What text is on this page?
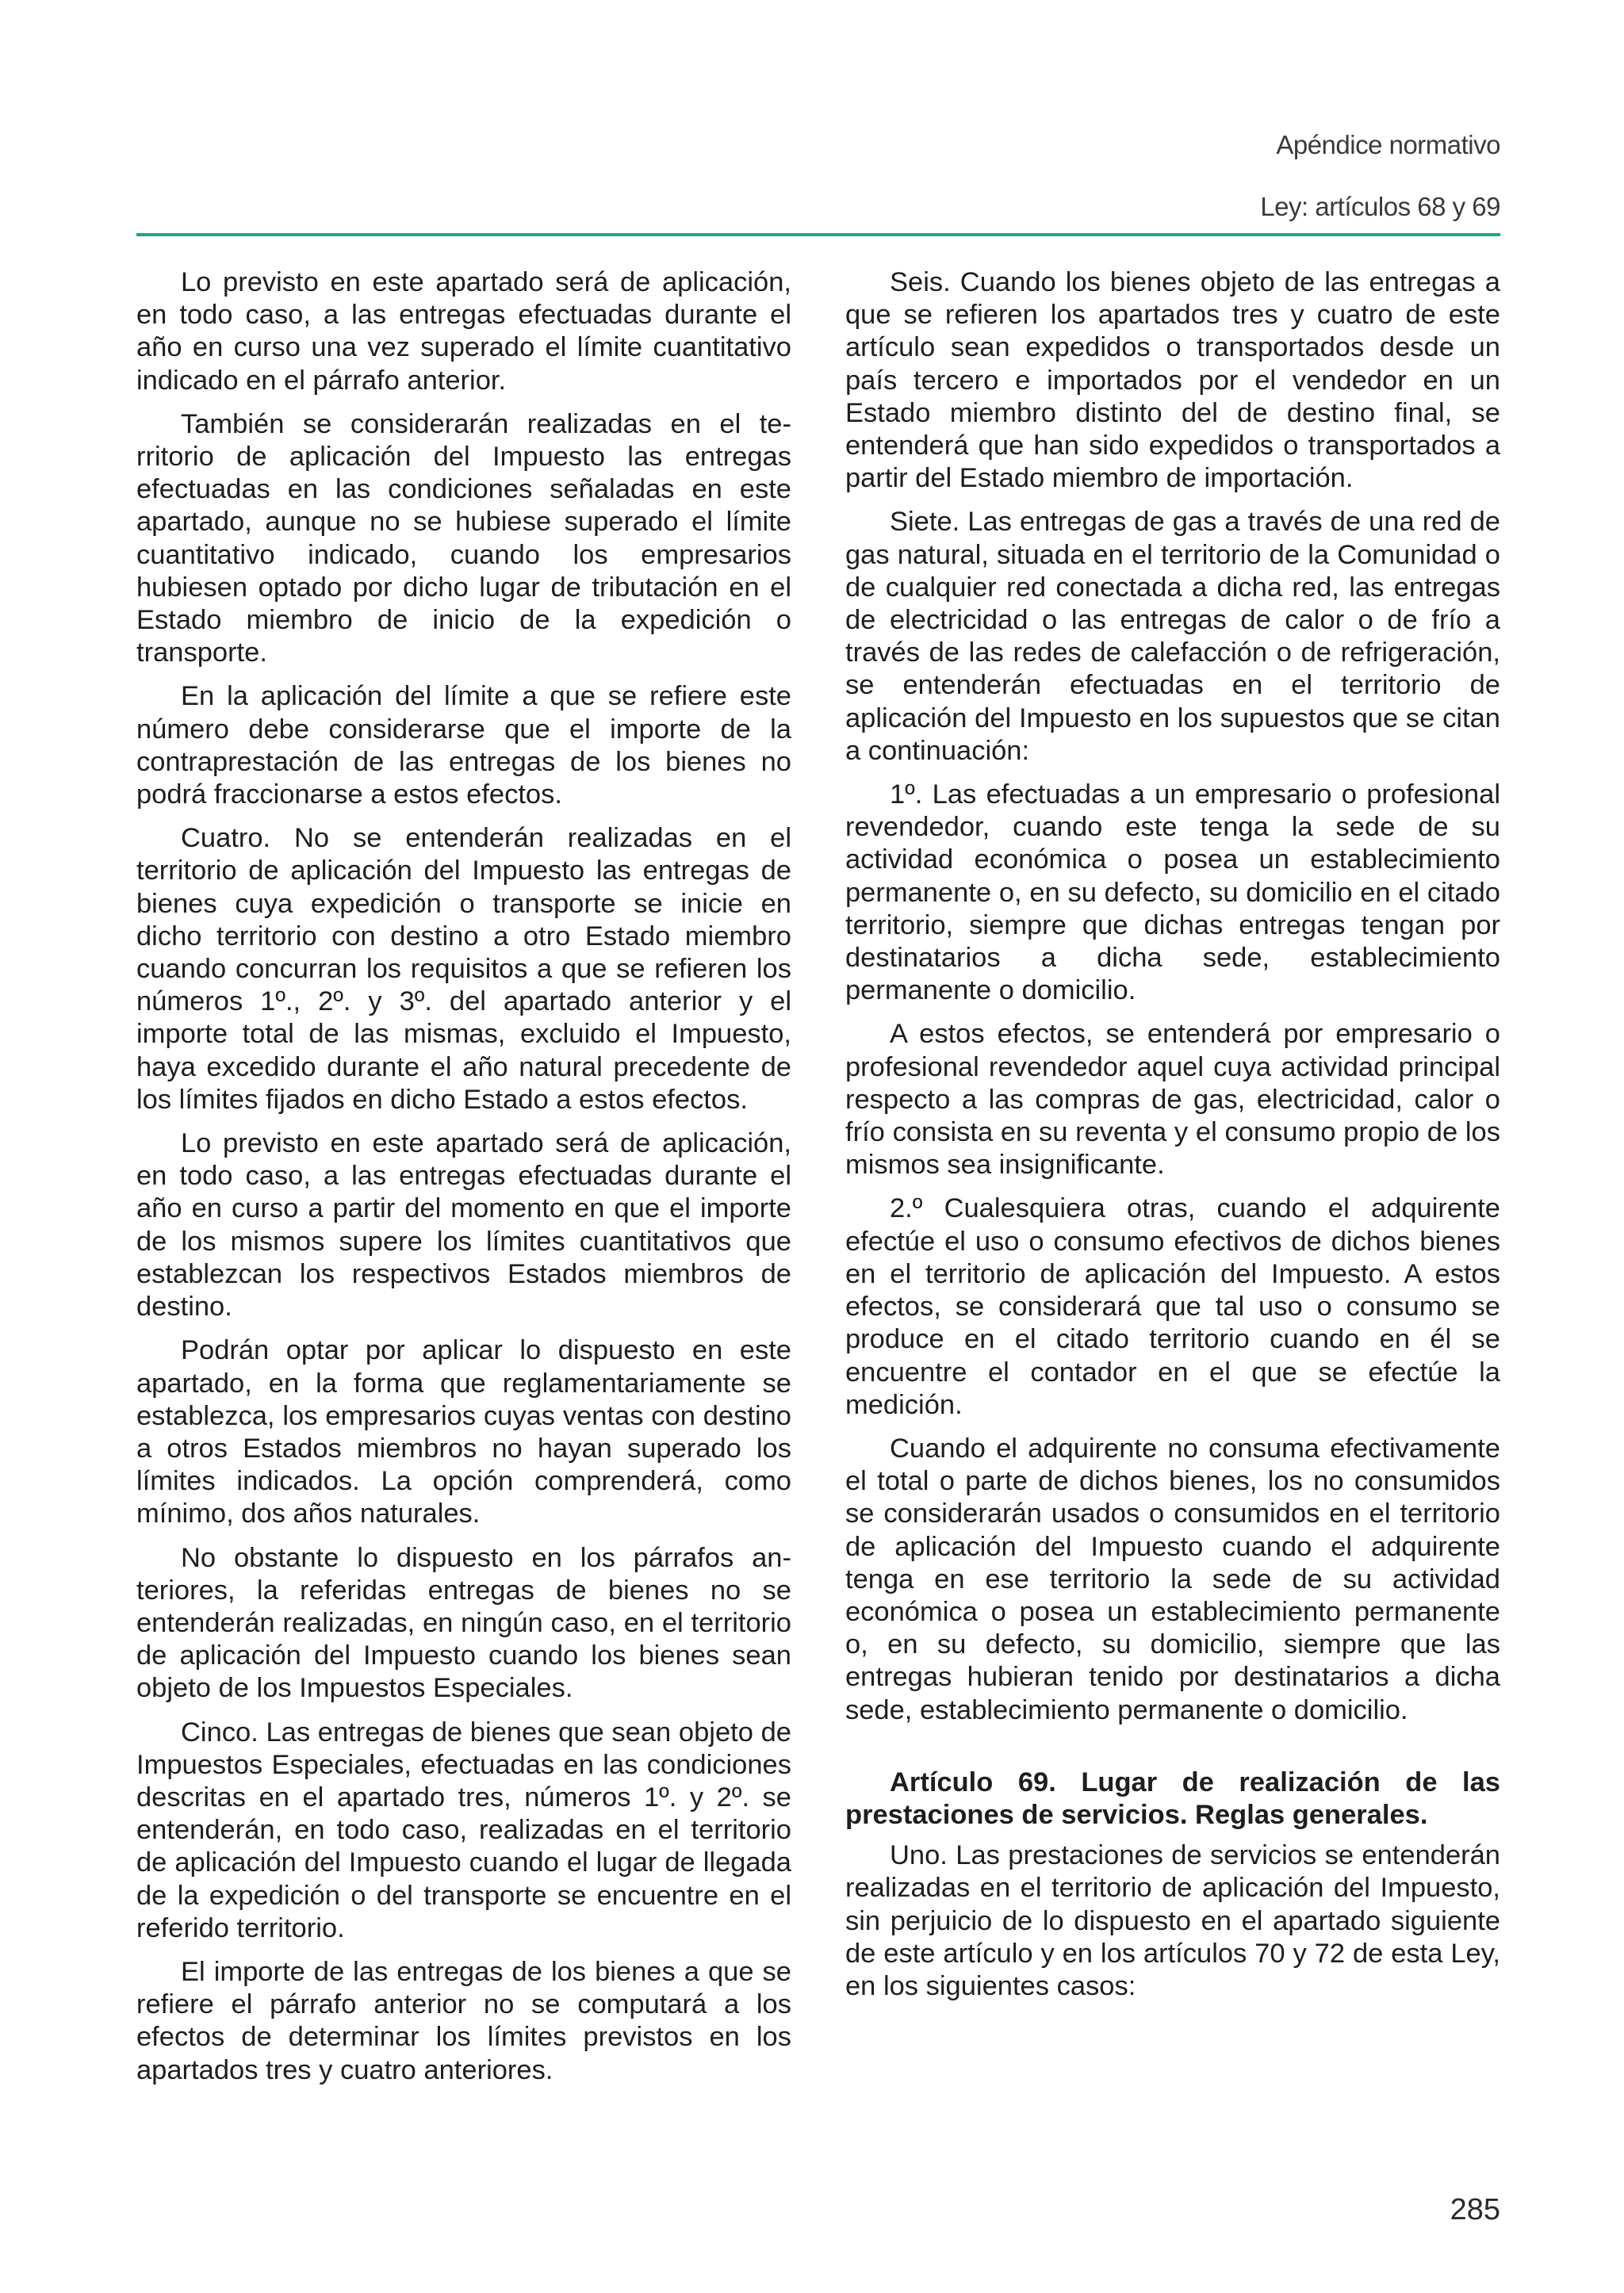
Apéndice normativo
Ley: artículos 68 y 69

Lo previsto en este apartado será de aplicación, en todo caso, a las entregas efectuadas durante el año en curso una vez superado el límite cuantitativo indicado en el párrafo anterior.

También se considerarán realizadas en el territorio de aplicación del Impuesto las entregas efectuadas en las condiciones señaladas en este apartado, aunque no se hubiese superado el límite cuantitativo indicado, cuando los empresarios hubiesen optado por dicho lugar de tributación en el Estado miembro de inicio de la expedición o transporte.

En la aplicación del límite a que se refiere este número debe considerarse que el importe de la contraprestación de las entregas de los bienes no podrá fraccionarse a estos efectos.

Cuatro. No se entenderán realizadas en el territorio de aplicación del Impuesto las entregas de bienes cuya expedición o transporte se inicie en dicho territorio con destino a otro Estado miembro cuando concurran los requisitos a que se refieren los números 1º., 2º. y 3º. del apartado anterior y el importe total de las mismas, excluido el Impuesto, haya excedido durante el año natural precedente de los límites fijados en dicho Estado a estos efectos.

Lo previsto en este apartado será de aplicación, en todo caso, a las entregas efectuadas durante el año en curso a partir del momento en que el importe de los mismos supere los límites cuantitativos que establezcan los respectivos Estados miembros de destino.

Podrán optar por aplicar lo dispuesto en este apartado, en la forma que reglamentariamente se establezca, los empresarios cuyas ventas con destino a otros Estados miembros no hayan superado los límites indicados. La opción comprenderá, como mínimo, dos años naturales.

No obstante lo dispuesto en los párrafos anteriores, la referidas entregas de bienes no se entenderán realizadas, en ningún caso, en el territorio de aplicación del Impuesto cuando los bienes sean objeto de los Impuestos Especiales.

Cinco. Las entregas de bienes que sean objeto de Impuestos Especiales, efectuadas en las condiciones descritas en el apartado tres, números 1º. y 2º. se entenderán, en todo caso, realizadas en el territorio de aplicación del Impuesto cuando el lugar de llegada de la expedición o del transporte se encuentre en el referido territorio.

El importe de las entregas de los bienes a que se refiere el párrafo anterior no se computará a los efectos de determinar los límites previstos en los apartados tres y cuatro anteriores.

Seis. Cuando los bienes objeto de las entregas a que se refieren los apartados tres y cuatro de este artículo sean expedidos o transportados desde un país tercero e importados por el vendedor en un Estado miembro distinto del de destino final, se entenderá que han sido expedidos o transportados a partir del Estado miembro de importación.

Siete. Las entregas de gas a través de una red de gas natural, situada en el territorio de la Comunidad o de cualquier red conectada a dicha red, las entregas de electricidad o las entregas de calor o de frío a través de las redes de calefacción o de refrigeración, se entenderán efectuadas en el territorio de aplicación del Impuesto en los supuestos que se citan a continuación:

1º. Las efectuadas a un empresario o profesional revendedor, cuando este tenga la sede de su actividad económica o posea un establecimiento permanente o, en su defecto, su domicilio en el citado territorio, siempre que dichas entregas tengan por destinatarios a dicha sede, establecimiento permanente o domicilio.

A estos efectos, se entenderá por empresario o profesional revendedor aquel cuya actividad principal respecto a las compras de gas, electricidad, calor o frío consista en su reventa y el consumo propio de los mismos sea insignificante.

2.º Cualesquiera otras, cuando el adquirente efectúe el uso o consumo efectivos de dichos bienes en el territorio de aplicación del Impuesto. A estos efectos, se considerará que tal uso o consumo se produce en el citado territorio cuando en él se encuentre el contador en el que se efectúe la medición.

Cuando el adquirente no consuma efectivamente el total o parte de dichos bienes, los no consumidos se considerarán usados o consumidos en el territorio de aplicación del Impuesto cuando el adquirente tenga en ese territorio la sede de su actividad económica o posea un establecimiento permanente o, en su defecto, su domicilio, siempre que las entregas hubieran tenido por destinatarios a dicha sede, establecimiento permanente o domicilio.

Artículo 69. Lugar de realización de las prestaciones de servicios. Reglas generales.

Uno. Las prestaciones de servicios se entenderán realizadas en el territorio de aplicación del Impuesto, sin perjuicio de lo dispuesto en el apartado siguiente de este artículo y en los artículos 70 y 72 de esta Ley, en los siguientes casos:

285
